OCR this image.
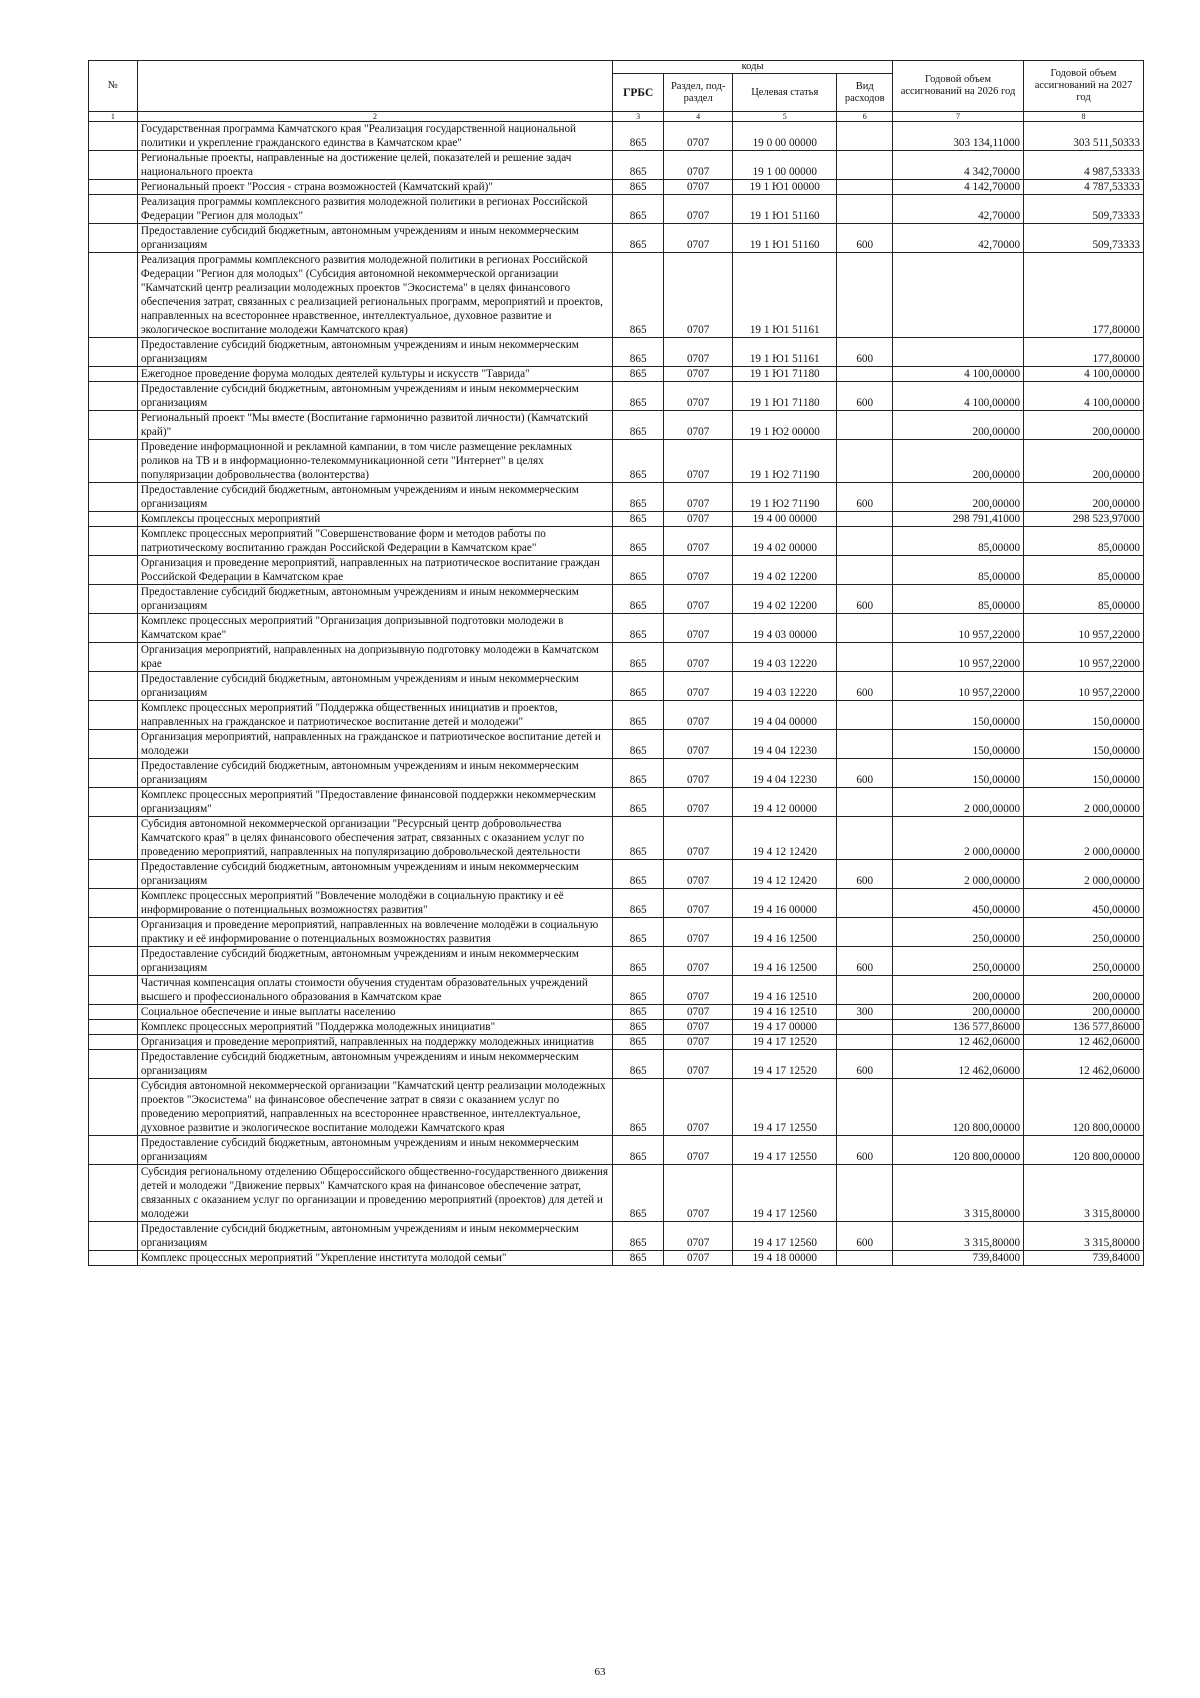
№		коды				Годовой объем ассигнований на 2026 год	Годовой объем ассигнований на 2027 год
		ГРБС	Раздел, под-раздел	Целевая статья	Вид расходов		
1	2	3	4	5	6	7	8
	Государственная программа Камчатского края "Реализация государственной национальной политики и укрепление гражданского единства в Камчатском крае"	865	0707	19 0 00 00000		303 134,11000	303 511,50333
	Региональные проекты, направленные на достижение целей, показателей и решение задач национального проекта	865	0707	19 1 00 00000		4 342,70000	4 987,53333
	Региональный проект "Россия - страна возможностей (Камчатский край)"	865	0707	19 1 Ю1 00000		4 142,70000	4 787,53333
	Реализация программы комплексного развития молодежной политики в регионах Российской Федерации "Регион для молодых"	865	0707	19 1 Ю1 51160		42,70000	509,73333
	Предоставление субсидий бюджетным, автономным учреждениям и иным некоммерческим организациям	865	0707	19 1 Ю1 51160	600	42,70000	509,73333
	Реализация программы комплексного развития молодежной политики в регионах Российской Федерации "Регион для молодых" (Субсидия автономной некоммерческой организации "Камчатский центр реализации молодежных проектов "Экосистема" в целях финансового обеспечения затрат, связанных с реализацией региональных программ, мероприятий и проектов, направленных на всестороннее нравственное, интеллектуальное, духовное развитие и экологическое воспитание молодежи Камчатского края)	865	0707	19 1 Ю1 51161			177,80000
	Предоставление субсидий бюджетным, автономным учреждениям и иным некоммерческим организациям	865	0707	19 1 Ю1 51161	600		177,80000
	Ежегодное проведение форума молодых деятелей культуры и искусств "Таврида"	865	0707	19 1 Ю1 71180		4 100,00000	4 100,00000
	Предоставление субсидий бюджетным, автономным учреждениям и иным некоммерческим организациям	865	0707	19 1 Ю1 71180	600	4 100,00000	4 100,00000
	Региональный проект "Мы вместе (Воспитание гармонично развитой личности) (Камчатский край)"	865	0707	19 1 Ю2 00000		200,00000	200,00000
	Проведение информационной и рекламной кампании, в том числе размещение рекламных роликов на ТВ и в информационно-телекоммуникационной сети "Интернет" в целях популяризации добровольчества (волонтерства)	865	0707	19 1 Ю2 71190		200,00000	200,00000
	Предоставление субсидий бюджетным, автономным учреждениям и иным некоммерческим организациям	865	0707	19 1 Ю2 71190	600	200,00000	200,00000
	Комплексы процессных мероприятий	865	0707	19 4 00 00000		298 791,41000	298 523,97000
	Комплекс процессных мероприятий "Совершенствование форм и методов работы по патриотическому воспитанию граждан Российской Федерации в Камчатском крае"	865	0707	19 4 02 00000		85,00000	85,00000
	Организация и проведение мероприятий, направленных на патриотическое воспитание граждан Российской Федерации в Камчатском крае	865	0707	19 4 02 12200		85,00000	85,00000
	Предоставление субсидий бюджетным, автономным учреждениям и иным некоммерческим организациям	865	0707	19 4 02 12200	600	85,00000	85,00000
	Комплекс процессных мероприятий "Организация допризывной подготовки молодежи в Камчатском крае"	865	0707	19 4 03 00000		10 957,22000	10 957,22000
	Организация мероприятий, направленных на допризывную подготовку молодежи в Камчатском крае	865	0707	19 4 03 12220		10 957,22000	10 957,22000
	Предоставление субсидий бюджетным, автономным учреждениям и иным некоммерческим организациям	865	0707	19 4 03 12220	600	10 957,22000	10 957,22000
	Комплекс процессных мероприятий "Поддержка общественных инициатив и проектов, направленных на гражданское и патриотическое воспитание детей и молодежи"	865	0707	19 4 04 00000		150,00000	150,00000
	Организация мероприятий, направленных на гражданское и патриотическое воспитание детей и молодежи	865	0707	19 4 04 12230		150,00000	150,00000
	Предоставление субсидий бюджетным, автономным учреждениям и иным некоммерческим организациям	865	0707	19 4 04 12230	600	150,00000	150,00000
	Комплекс процессных мероприятий "Предоставление финансовой поддержки некоммерческим организациям"	865	0707	19 4 12 00000		2 000,00000	2 000,00000
	Субсидия автономной некоммерческой организации "Ресурсный центр добровольчества Камчатского края" в целях финансового обеспечения затрат, связанных с оказанием услуг по проведению мероприятий, направленных на популяризацию добровольческой деятельности	865	0707	19 4 12 12420		2 000,00000	2 000,00000
	Предоставление субсидий бюджетным, автономным учреждениям и иным некоммерческим организациям	865	0707	19 4 12 12420	600	2 000,00000	2 000,00000
	Комплекс процессных мероприятий "Вовлечение молодёжи в социальную практику и её информирование о потенциальных возможностях развития"	865	0707	19 4 16 00000		450,00000	450,00000
	Организация и проведение мероприятий, направленных на вовлечение молодёжи в социальную практику и её информирование о потенциальных возможностях развития	865	0707	19 4 16 12500		250,00000	250,00000
	Предоставление субсидий бюджетным, автономным учреждениям и иным некоммерческим организациям	865	0707	19 4 16 12500	600	250,00000	250,00000
	Частичная компенсация оплаты стоимости обучения студентам образовательных учреждений высшего и профессионального образования в Камчатском крае	865	0707	19 4 16 12510		200,00000	200,00000
	Социальное обеспечение и иные выплаты населению	865	0707	19 4 16 12510	300	200,00000	200,00000
	Комплекс процессных мероприятий "Поддержка молодежных инициатив"	865	0707	19 4 17 00000		136 577,86000	136 577,86000
	Организация и проведение мероприятий, направленных на поддержку молодежных инициатив	865	0707	19 4 17 12520		12 462,06000	12 462,06000
	Предоставление субсидий бюджетным, автономным учреждениям и иным некоммерческим организациям	865	0707	19 4 17 12520	600	12 462,06000	12 462,06000
	Субсидия автономной некоммерческой организации "Камчатский центр реализации молодежных проектов "Экосистема" на финансовое обеспечение затрат в связи с оказанием услуг по проведению мероприятий, направленных на всестороннее нравственное, интеллектуальное, духовное развитие и экологическое воспитание молодежи Камчатского края	865	0707	19 4 17 12550		120 800,00000	120 800,00000
	Предоставление субсидий бюджетным, автономным учреждениям и иным некоммерческим организациям	865	0707	19 4 17 12550	600	120 800,00000	120 800,00000
	Субсидия региональному отделению Общероссийского общественно-государственного движения детей и молодежи "Движение первых" Камчатского края на финансовое обеспечение затрат, связанных с оказанием услуг по организации и проведению мероприятий (проектов) для детей и молодежи	865	0707	19 4 17 12560		3 315,80000	3 315,80000
	Предоставление субсидий бюджетным, автономным учреждениям и иным некоммерческим организациям	865	0707	19 4 17 12560	600	3 315,80000	3 315,80000
	Комплекс процессных мероприятий "Укрепление института молодой семьи"	865	0707	19 4 18 00000		739,84000	739,84000
63
